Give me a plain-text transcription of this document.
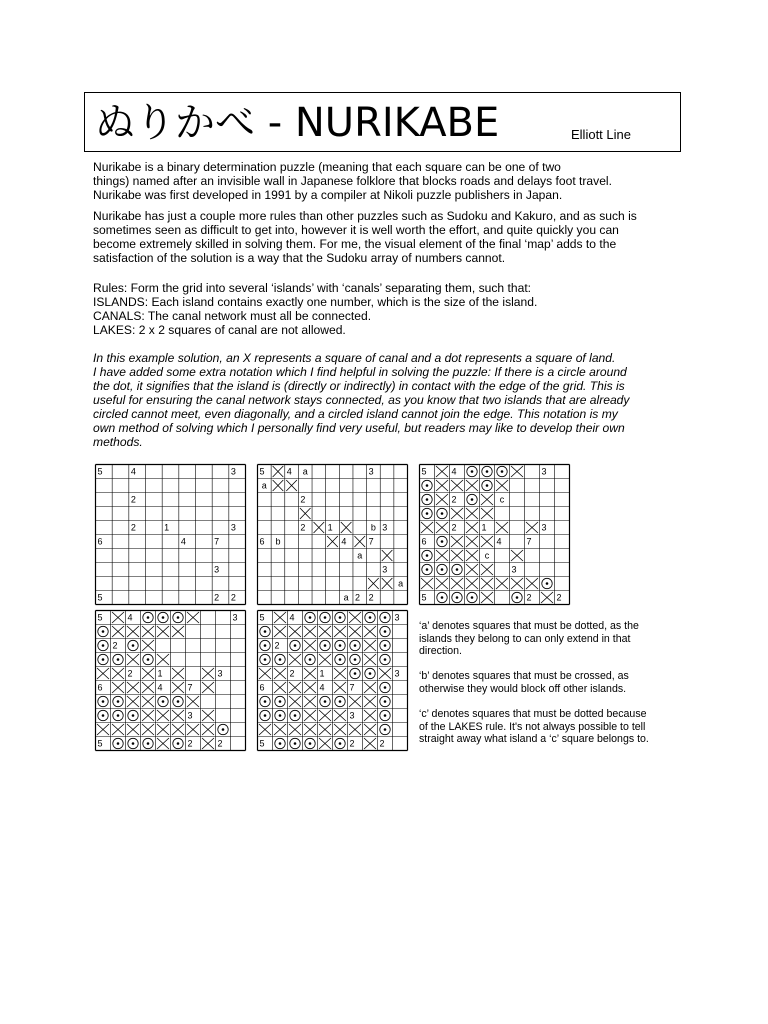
ぬりかべ - NURIKABE	Elliott Line

Nurikabe is a binary determination puzzle (meaning that each square can be one of two
things) named after an invisible wall in Japanese folklore that blocks roads and delays foot travel.
Nurikabe was first developed in 1991 by a compiler at Nikoli puzzle publishers in Japan.

Nurikabe has just a couple more rules than other puzzles such as Sudoku and Kakuro, and as such is
sometimes seen as difficult to get into, however it is well worth the effort, and quite quickly you can
become extremely skilled in solving them. For me, the visual element of the final ‘map’ adds to the
satisfaction of the solution is a way that the Sudoku array of numbers cannot.

Rules: Form the grid into several ‘islands’ with ‘canals’ separating them, such that:

ISLANDS: Each island contains exactly one number, which is the size of the island.

CANALS: The canal network must all be connected.

LAKES: 2 x 2 squares of canal are not allowed.

In this example solution, an X represents a square of canal and a dot represents a square of land.
I have added some extra notation which I find helpful in solving the puzzle: If there is a circle around
the dot, it signifies that the island is (directly or indirectly) in contact with the edge of the grid. This is
useful for ensuring the canal network stays connected, as you know that two islands that are already
circled cannot meet, even diagonally, and a circled island cannot join the edge. This notation is my
own method of solving which I personally find very useful, but readers may like to develop their own
methods.

5	4	3
2
2	1	3
6	4	7
3
5	2 2
5 4 a	3
a
2
2 1	b 3
6 b	4 7
a
3
a
a 2 2
5	4	3
2	c
2	1	3
6	4	7
c
3
5	2	2
5	4	3
2
2	1	3
6	4	7
3
5	2	2
5	4	3
2
2	1	3
6	4	7
3
5	2	2

‘a’ denotes squares that must be dotted, as the
islands they belong to can only extend in that
direction.

‘b’ denotes squares that must be crossed, as
otherwise they would block off other islands.

‘c’ denotes squares that must be dotted because
of the LAKES rule. It's not always possible to tell
straight away what island a ‘c’ square belongs to.
